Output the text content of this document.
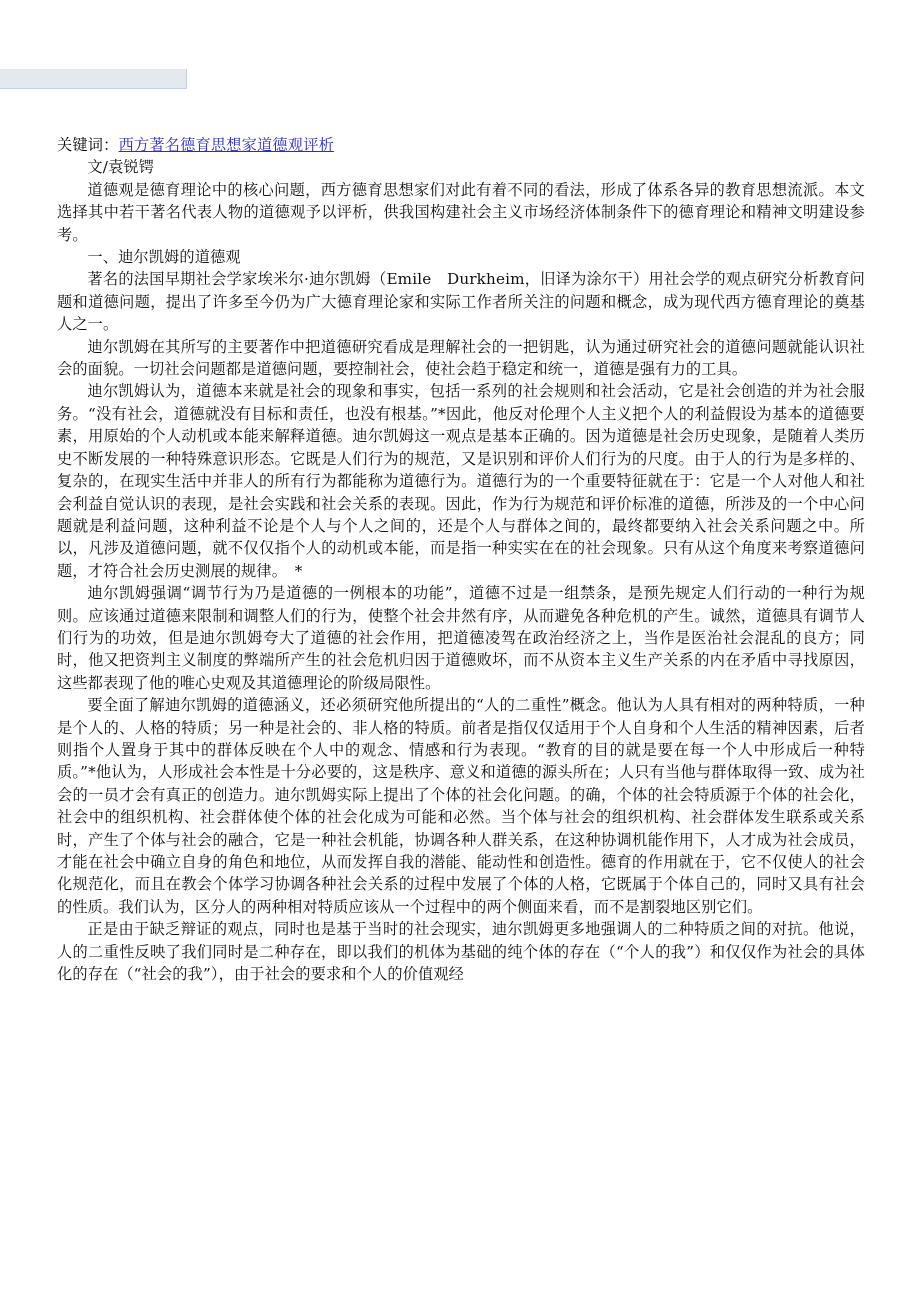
关键词：西方著名德育思想家道德观评析
文/袁锐锷

道德观是德育理论中的核心问题，西方德育思想家们对此有着不同的看法，形成了体系各异的教育思想流派。本文选择其中若干著名代表人物的道德观予以评析，供我国构建社会主义市场经济体制条件下的德育理论和精神文明建设参考。

一、迪尔凯姆的道德观

著名的法国早期社会学家埃米尔·迪尔凯姆（Emile　Durkheim，旧译为涂尔干）用社会学的观点研究分析教育问题和道德问题，提出了许多至今仍为广大德育理论家和实际工作者所关注的问题和概念，成为现代西方德育理论的奠基人之一。

迪尔凯姆在其所写的主要著作中把道德研究看成是理解社会的一把钥匙，认为通过研究社会的道德问题就能认识社会的面貌。一切社会问题都是道德问题，要控制社会，使社会趋于稳定和统一，道德是强有力的工具。

迪尔凯姆认为，道德本来就是社会的现象和事实，包括一系列的社会规则和社会活动，它是社会创造的并为社会服务。“没有社会，道德就没有目标和责任，也没有根基。”*因此，他反对伦理个人主义把个人的利益假设为基本的道德要素，用原始的个人动机或本能来解释道德。迪尔凯姆这一观点是基本正确的。因为道德是社会历史现象，是随着人类历史不断发展的一种特殊意识形态。它既是人们行为的规范，又是识别和评价人们行为的尺度。由于人的行为是多样的、复杂的，在现实生活中并非人的所有行为都能称为道德行为。道德行为的一个重要特征就在于：它是一个人对他人和社会利益自觉认识的表现，是社会实践和社会关系的表现。因此，作为行为规范和评价标准的道德，所涉及的一个中心问题就是利益问题，这种利益不论是个人与个人之间的，还是个人与群体之间的，最终都要纳入社会关系问题之中。所以，凡涉及道德问题，就不仅仅指个人的动机或本能，而是指一种实实在在的社会现象。只有从这个角度来考察道德问题，才符合社会历史测展的规律。　*

迪尔凯姆强调“调节行为乃是道德的一例根本的功能”，道德不过是一组禁条，是预先规定人们行动的一种行为规则。应该通过道德来限制和调整人们的行为，使整个社会井然有序，从而避免各种危机的产生。诚然，道德具有调节人们行为的功效，但是迪尔凯姆夸大了道德的社会作用，把道德凌驾在政治经济之上，当作是医治社会混乱的良方；同时，他又把资判主义制度的弊端所产生的社会危机归因于道德败坏，而不从资本主义生产关系的内在矛盾中寻找原因，这些都表现了他的唯心史观及其道德理论的阶级局限性。

要全面了解迪尔凯姆的道德涵义，还必须研究他所提出的“人的二重性”概念。他认为人具有相对的两种特质，一种是个人的、人格的特质；另一种是社会的、非人格的特质。前者是指仅仅适用于个人自身和个人生活的精神因素，后者则指个人置身于其中的群体反映在个人中的观念、情感和行为表现。“教育的目的就是要在每一个人中形成后一种特质。”*他认为，人形成社会本性是十分必要的，这是秩序、意义和道德的源头所在；人只有当他与群体取得一致、成为社会的一员才会有真正的创造力。迪尔凯姆实际上提出了个体的社会化问题。的确，个体的社会特质源于个体的社会化，社会中的组织机构、社会群体使个体的社会化成为可能和必然。当个体与社会的组织机构、社会群体发生联系或关系时，产生了个体与社会的融合，它是一种社会机能，协调各种人群关系，在这种协调机能作用下，人才成为社会成员，才能在社会中确立自身的角色和地位，从而发挥自我的潜能、能动性和创造性。德育的作用就在于，它不仅使人的社会化规范化，而且在教会个体学习协调各种社会关系的过程中发展了个体的人格，它既属于个体自己的，同时又具有社会的性质。我们认为，区分人的两种相对特质应该从一个过程中的两个侧面来看，而不是割裂地区别它们。

正是由于缺乏辩证的观点，同时也是基于当时的社会现实，迪尔凯姆更多地强调人的二种特质之间的对抗。他说，人的二重性反映了我们同时是二种存在，即以我们的机体为基础的纯个体的存在（“个人的我”）和仅仅作为社会的具体化的存在（“社会的我”），由于社会的要求和个人的价值观经
